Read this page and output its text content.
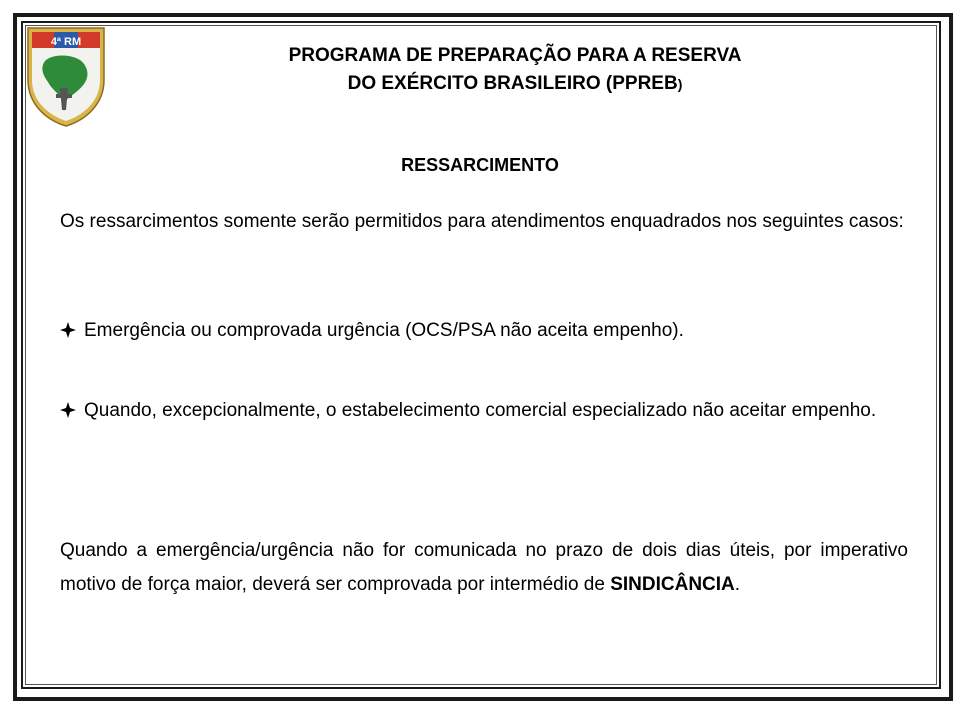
4ª RM
PROGRAMA DE PREPARAÇÃO PARA A RESERVA
DO EXÉRCITO BRASILEIRO (PPREB)
RESSARCIMENTO
Os ressarcimentos somente serão permitidos para atendimentos enquadrados nos seguintes casos:
Emergência ou comprovada urgência (OCS/PSA não aceita empenho).
Quando, excepcionalmente, o estabelecimento comercial especializado não aceitar empenho.
Quando a emergência/urgência não for comunicada no prazo de dois dias úteis, por imperativo motivo de força maior, deverá ser comprovada por intermédio de SINDICÂNCIA.
